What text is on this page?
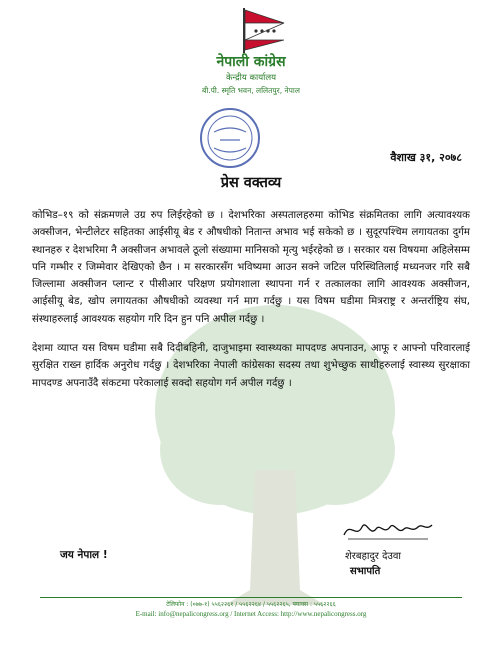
नेपाली कांग्रेस
केन्द्रीय कार्यालय
बी.पी. स्मृति भवन, ललितपुर, नेपाल
वैशाख ३१, २०७८
प्रेस वक्तव्य

कोभिड–१९ को संक्रमणले उग्र रुप लिईरहेको छ । देशभरिका अस्पतालहरुमा कोभिड संक्रमितका लागि अत्यावश्यक अक्सीजन, भेन्टीलेटर सहितका आईसीयू बेड र औषधीको नितान्त अभाव भई सकेको छ । सुदूरपश्चिम लगायतका दुर्गम स्थानहरु र देशभरिमा नै अक्सीजन अभावले ठूलो संख्यामा मानिसको मृत्यु भईरहेको छ । सरकार यस विषयमा अहिलेसम्म पनि गम्भीर र जिम्मेवार देखिएको छैन । म सरकारसँग भविष्यमा आउन सक्ने जटिल परिस्थितिलाई मध्यनजर गरि सबै जिल्लामा अक्सीजन प्लान्ट र पीसीआर परिक्षण प्रयोगशाला स्थापना गर्न र तत्कालका लागि आवश्यक अक्सीजन, आईसीयू बेड, खोप लगायतका औषधीको व्यवस्था गर्न माग गर्दछु । यस विषम घडीमा मित्रराष्ट्र र अन्तर्राष्ट्रिय संघ, संस्थाहरुलाई आवश्यक सहयोग गरि दिन हुन पनि अपील गर्दछु ।

देशमा व्याप्त यस विषम घडीमा सबै दिदीबहिनी, दाजुभाइमा स्वास्थ्यका मापदण्ड अपनाउन, आफू र आफ्नो परिवारलाई सुरक्षित राख्न हार्दिक अनुरोध गर्दछु । देशभरिका नेपाली कांग्रेसका सदस्य तथा शुभेच्छुक साथीहरुलाई स्वास्थ्य सुरक्षाका मापदण्ड अपनाउँदै संकटमा परेकालाई सक्दो सहयोग गर्न अपील गर्दछु ।

जय नेपाल !	शेरबहादुर देउवा
सभापति
टेलिफोन : (०७७-१) ५५६२२६१ / ५५६२२६४ / ५५६२२६५, फ्याक्स : ५५६२२६६
E-mail: info@nepalicongress.org / Internet Access: http://www.nepalicongress.org
